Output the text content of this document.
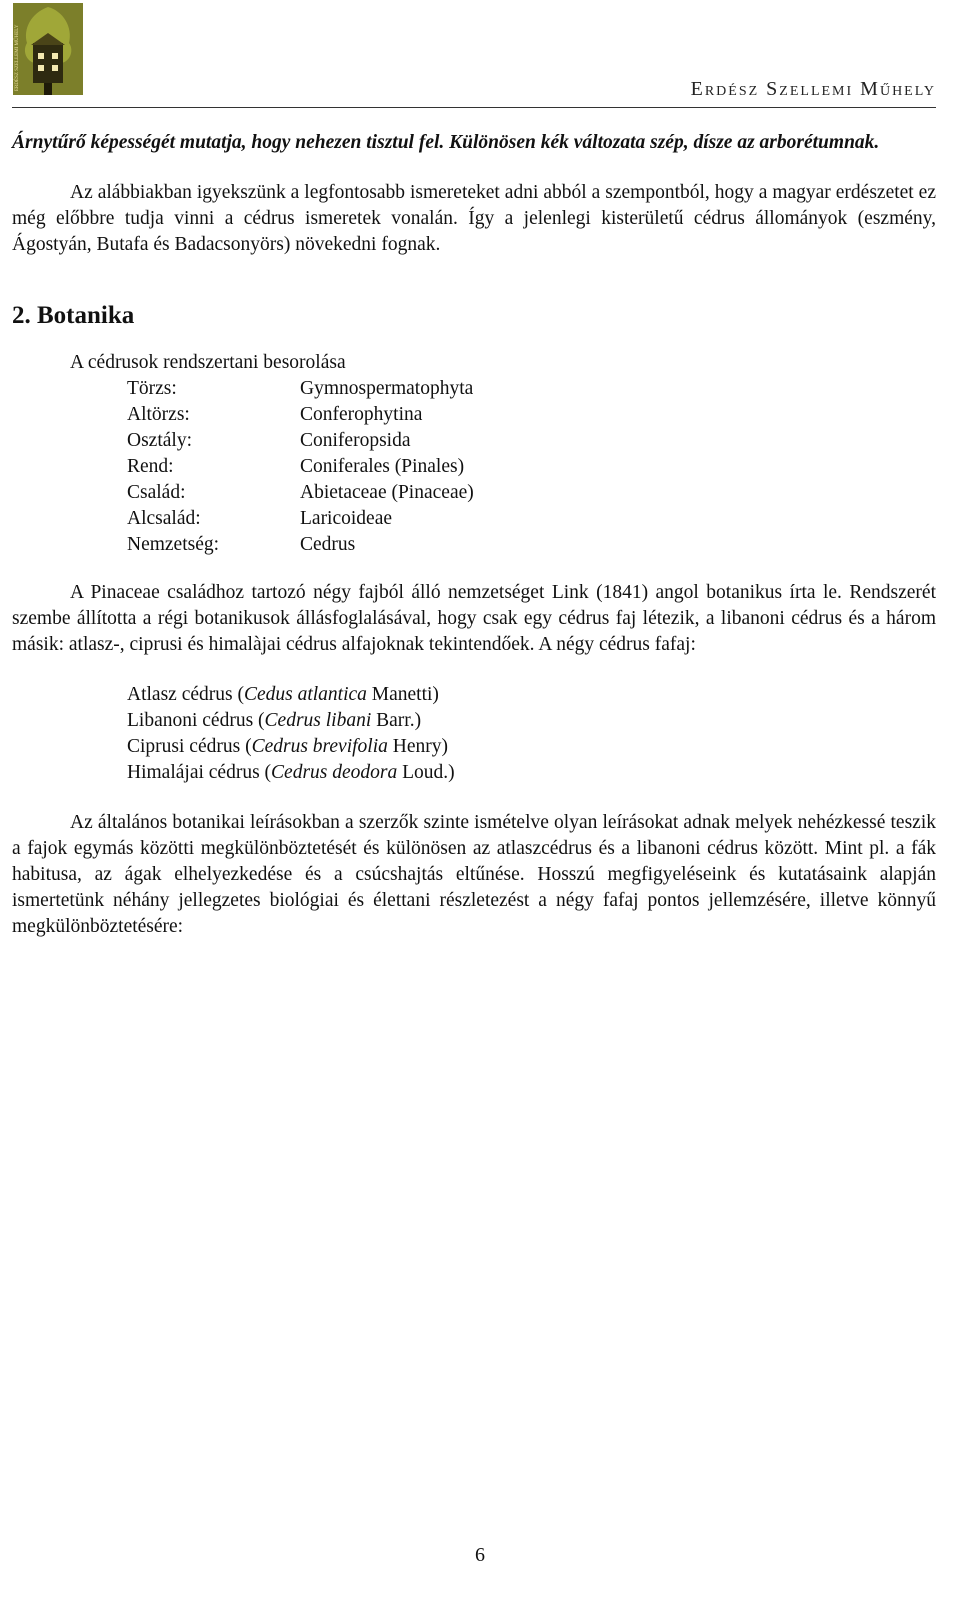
ERDÉSZ SZELLEMI MŰHELY	Erdész Szellemi Műhely

Árnytűrő képességét mutatja, hogy nehezen tisztul fel. Különösen kék változata szép, dísze az arborétumnak.

Az alábbiakban igyekszünk a legfontosabb ismereteket adni abból a szempontból, hogy a magyar erdészetet ez még előbbre tudja vinni a cédrus ismeretek vonalán. Így a jelenlegi kisterületű cédrus állományok (eszmény, Ágostyán, Butafa és Badacsonyörs) növekedni fognak.

2. Botanika
A cédrusok rendszertani besorolása
Törzs:	Gymnospermatophyta
Altörzs:	Conferophytina
Osztály:	Coniferopsida
Rend:	Coniferales (Pinales)
Család:	Abietaceae (Pinaceae)
Alcsalád:	Laricoideae
Nemzetség:	Cedrus

A Pinaceae családhoz tartozó négy fajból álló nemzetséget Link (1841) angol botanikus írta le. Rendszerét szembe állította a régi botanikusok állásfoglalásával, hogy csak egy cédrus faj létezik, a libanoni cédrus és a három másik: atlasz-, ciprusi és himalàjai cédrus alfajoknak tekintendőek. A négy cédrus fafaj:

Atlasz cédrus (Cedus atlantica Manetti)
Libanoni cédrus (Cedrus libani Barr.)
Ciprusi cédrus (Cedrus brevifolia Henry)
Himalájai cédrus (Cedrus deodora Loud.)

Az általános botanikai leírásokban a szerzők szinte ismételve olyan leírásokat adnak melyek nehézkessé teszik a fajok egymás közötti megkülönböztetését és különösen az atlaszcédrus és a libanoni cédrus között. Mint pl. a fák habitusa, az ágak elhelyezkedése és a csúcshajtás eltűnése. Hosszú megfigyeléseink és kutatásaink alapján ismertetünk néhány jellegzetes biológiai és élettani részletezést a négy fafaj pontos jellemzésére, illetve könnyű megkülönböztetésére:

6
